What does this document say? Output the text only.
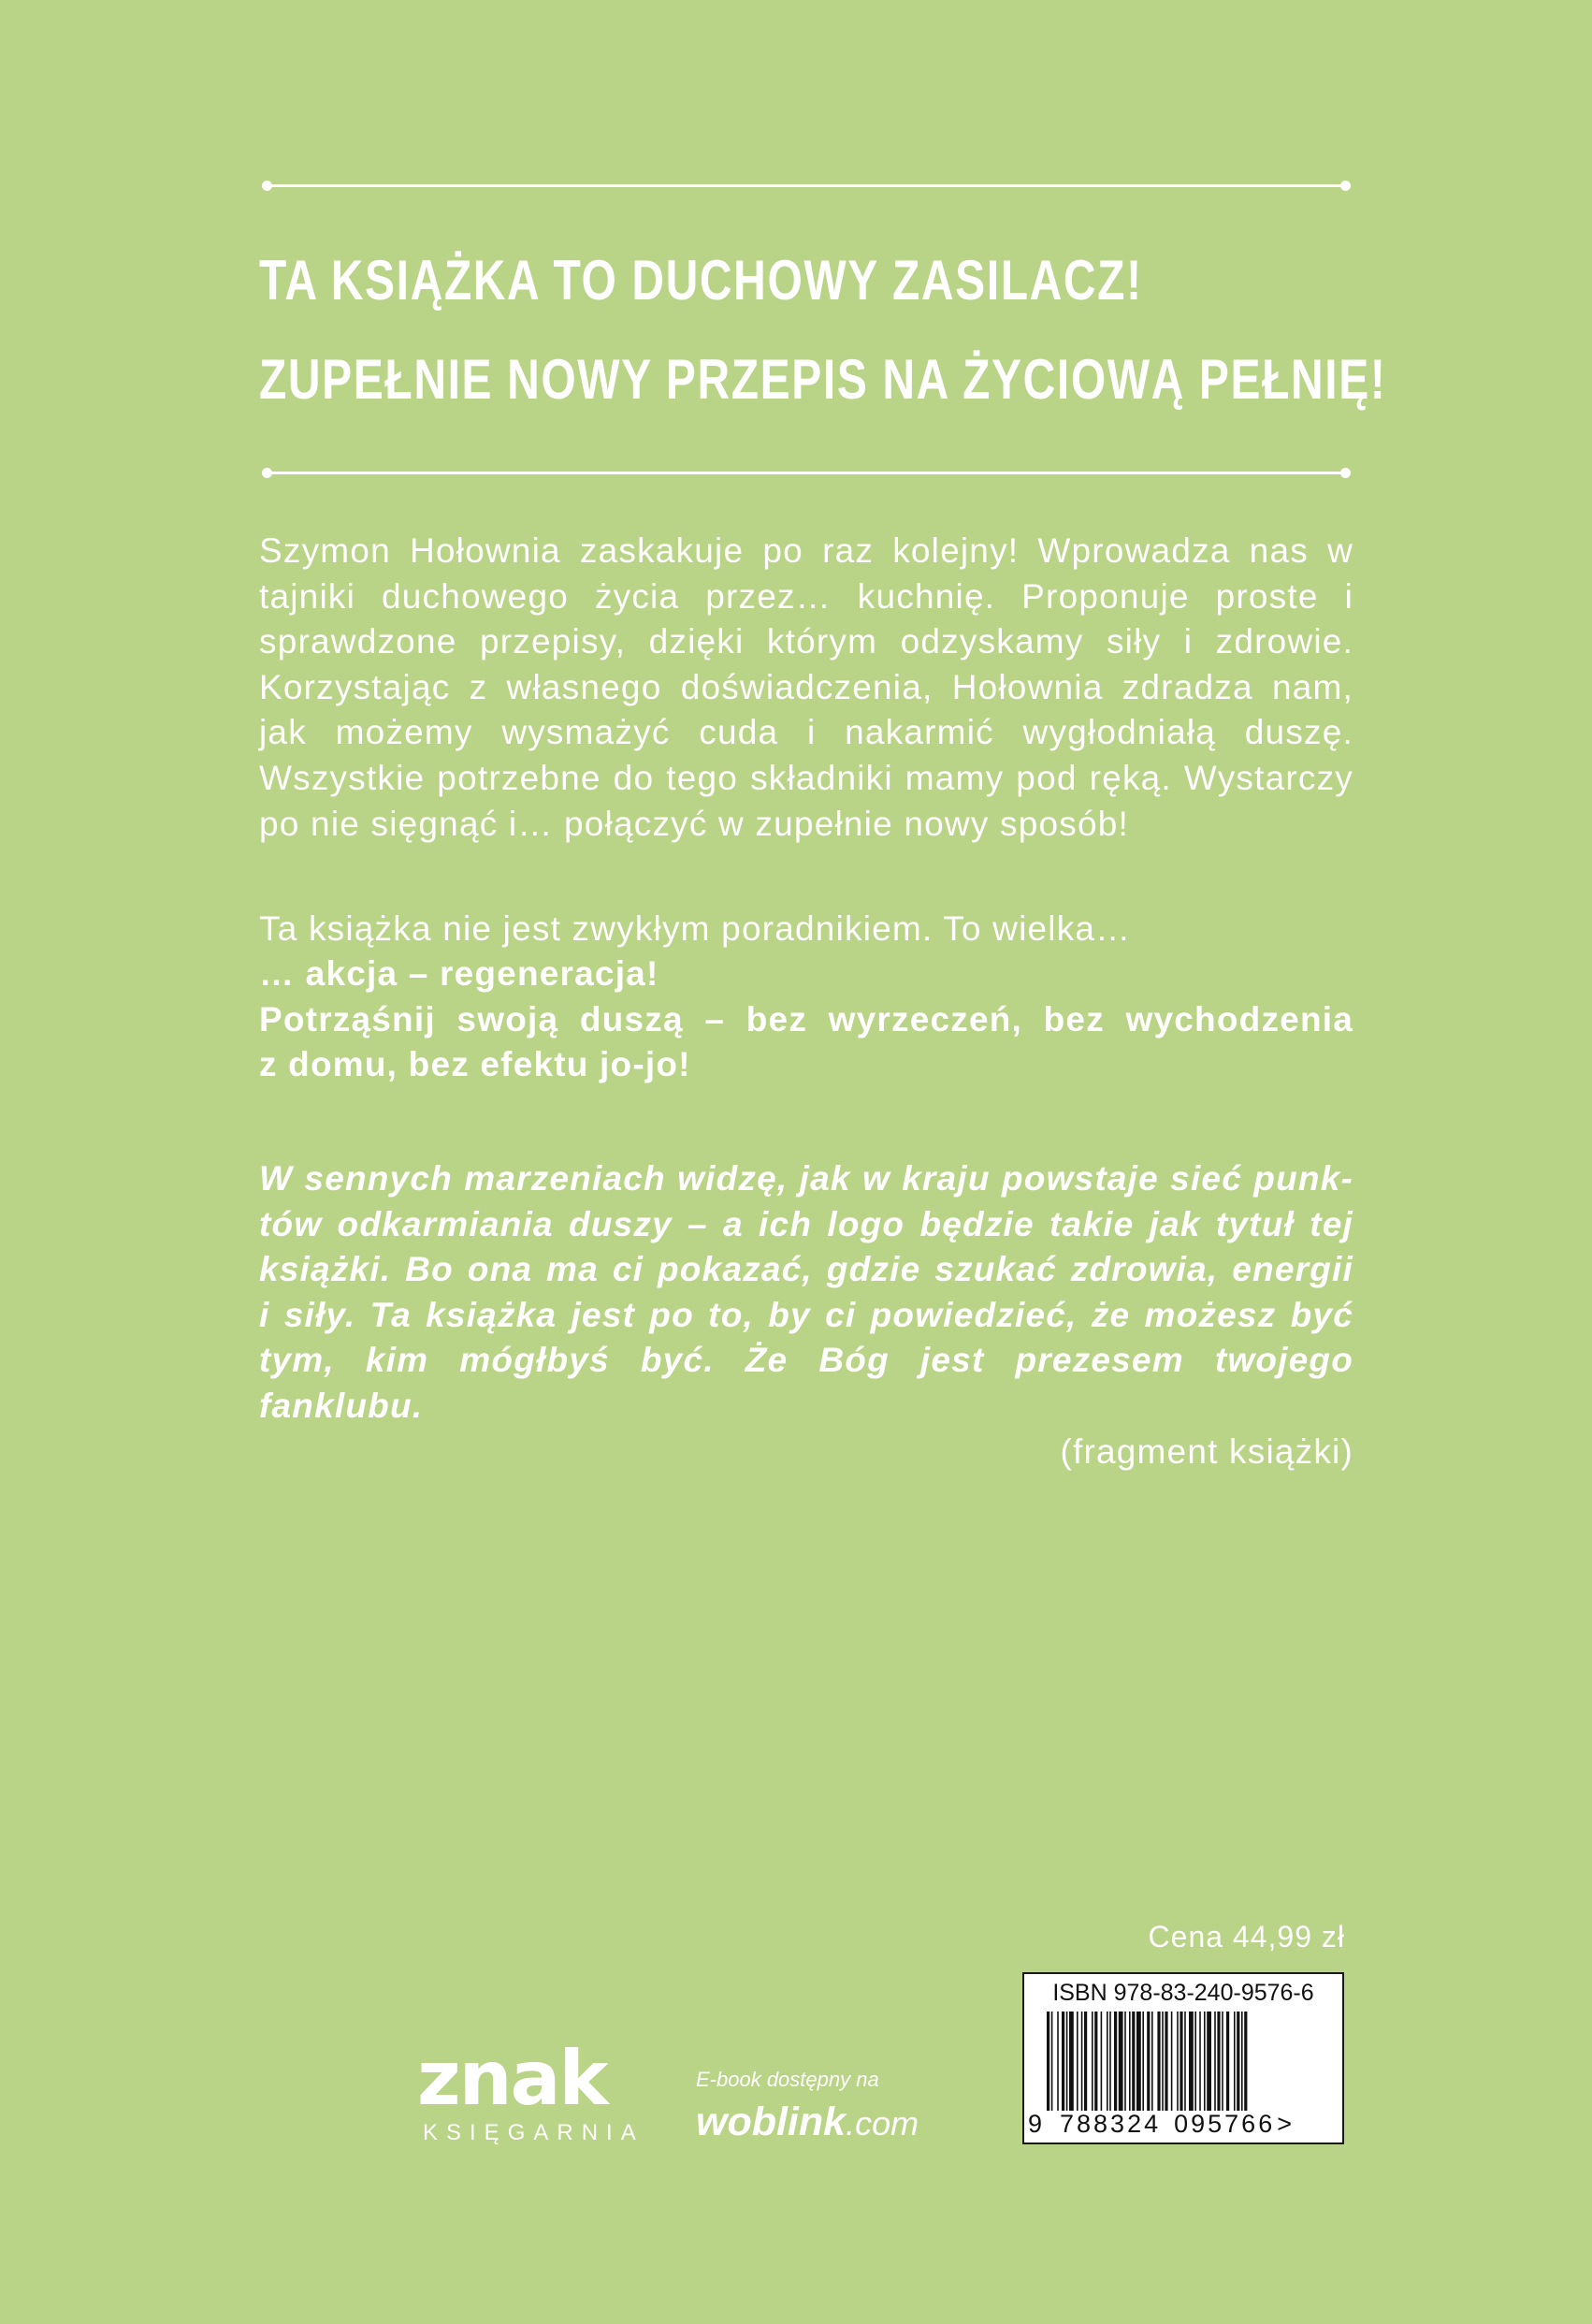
TA KSIĄŻKA TO DUCHOWY ZASILACZ!
ZUPEŁNIE NOWY PRZEPIS NA ŻYCIOWĄ PEŁNIĘ!

Szymon Hołownia zaskakuje po raz kolejny! Wprowadza nas w tajniki duchowego życia przez… kuchnię. Proponuje proste i sprawdzone przepisy, dzięki którym odzyskamy siły i zdrowie. Korzystając z własnego doświadczenia, Hołownia zdradza nam, jak możemy wysmażyć cuda i nakarmić wygłodniałą duszę. Wszystkie potrzebne do tego składniki mamy pod ręką. Wystarczy po nie sięgnąć i… połączyć w zupełnie nowy sposób!

Ta książka nie jest zwykłym poradnikiem. To wielka…

… akcja – regeneracja!
Potrząśnij swoją duszą – bez wyrzeczeń, bez wychodzenia
z domu, bez efektu jo-jo!
W sennych marzeniach widzę, jak w kraju powstaje sieć punk-
tów odkarmiania duszy – a ich logo będzie takie jak tytuł tej
książki. Bo ona ma ci pokazać, gdzie szukać zdrowia, energii
i siły. Ta książka jest po to, by ci powiedzieć, że możesz być
tym, kim mógłbyś być. Że Bóg jest prezesem twojego fanklubu.
(fragment książki)

Cena 44,99 zł

ISBN 978-83-240-9576-6
9 788324 095766 >
znak
KSIĘGARNIA
E-book dostępny na
woblink.com
